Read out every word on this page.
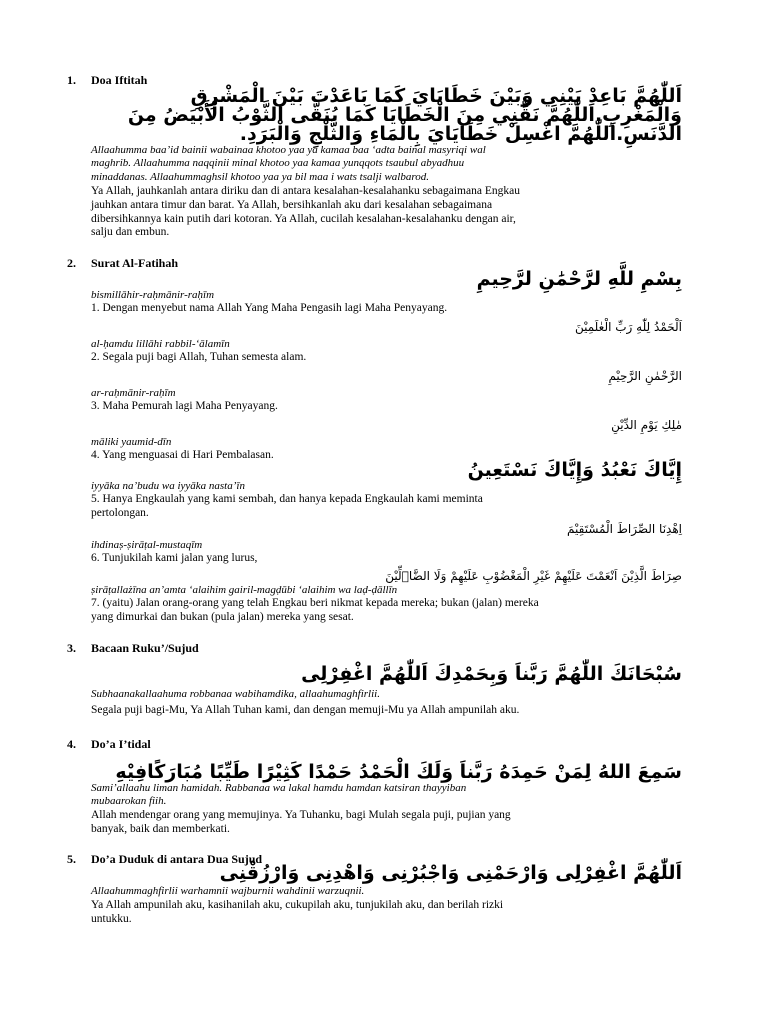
1. Doa Iftitah
اَللّٰهُمَّ بَاعِدْ بَيْنِي وَبَيْنَ خَطَايَايَ كَمَا بَاعَدْتَ بَيْنَ الْمَشْرِقِ
وَالْمَغْرِبِ.اَللّٰهُمَّ نَقِّنِي مِنَ الْخَطَايَا كَمَا يُنَقَّى الثَّوْبُ الْأَبْيَضُ مِنَ
الدَّنَسِ.اَللّٰهُمَّ اغْسِلْ خَطَايَايَ بِالْمَاءِ وَالثَّلْجِ وَالْبَرَدِ.
Allaahumma baa’id bainii wabainaa khotoo yaa ya kamaa baa ‘adta bainal masyriqi wal
maghrib. Allaahumma naqqinii minal khotoo yaa kamaa yunqqots tsaubul abyadhuu
minaddanas. Allaahummaghsil khotoo yaa ya bil maa i wats tsalji walbarod.
Ya Allah, jauhkanlah antara diriku dan di antara kesalahan-kesalahanku sebagaimana Engkau
jauhkan antara timur dan barat. Ya Allah, bersihkanlah aku dari kesalahan sebagaimana
dibersihkannya kain putih dari kotoran. Ya Allah, cucilah kesalahan-kesalahanku dengan air,
salju dan embun.
2. Surat Al-Fatihah
بِسْمِ للَّهِ لرَّحْمَٰنِ لرَّحِيمِ
bismillāhir-raḥmānir-raḥīm
1. Dengan menyebut nama Allah Yang Maha Pengasih lagi Maha Penyayang.
اَلْحَمْدُ لِلّٰهِ رَبِّ الْعٰلَمِيْنَ
al-ḥamdu lillāhi rabbil-‘ālamīn
2. Segala puji bagi Allah, Tuhan semesta alam.
الرَّحْمٰنِ الرَّحِيْمِ
ar-raḥmānir-raḥīm
3. Maha Pemurah lagi Maha Penyayang.
مٰلِكِ يَوْمِ الدِّيْنِ
māliki yaumid-dīn
4. Yang menguasai di Hari Pembalasan.
إِيَّاكَ نَعْبُدُ وَإِيَّاكَ نَسْتَعِينُ
iyyāka na’budu wa iyyāka nasta’īn
5. Hanya Engkaulah yang kami sembah, dan hanya kepada Engkaulah kami meminta
pertolongan.
اِهْدِنَا الصِّرَاطَ الْمُسْتَقِيْمَ
ihdinaṣ-ṣirāṭal-mustaqīm
6. Tunjukilah kami jalan yang lurus,
صِرَاطَ الَّذِيْنَ اَنْعَمْتَ عَلَيْهِمْ غَيْرِ الْمَغْضُوْبِ عَلَيْهِمْ وَلَا الضَّاۤلِّيْنَ
ṣirāṭallażīna an’amta ‘alaihim gairil-magḍūbi ‘alaihim wa laḍ-ḍāllīn
7. (yaitu) Jalan orang-orang yang telah Engkau beri nikmat kepada mereka; bukan (jalan) mereka
yang dimurkai dan bukan (pula jalan) mereka yang sesat.
3. Bacaan Ruku’/Sujud
سُبْحَانَكَ اللّٰهُمَّ رَبَّناَ وَبِحَمْدِكَ اَللّٰهُمَّ اغْفِرْلِى
Subhaanakallaahuma robbanaa wabihamdika, allaahumaghfirlii.
Segala puji bagi-Mu, Ya Allah Tuhan kami, dan dengan memuji-Mu ya Allah ampunilah aku.
4. Do’a I’tidal
سَمِعَ اللهُ لِمَنْ حَمِدَهُ رَبَّناَ وَلَكَ الْحَمْدُ حَمْدًا كَثِيْرًا طَيِّبًا مُبَارَكًافِيْهِ
Sami’allaahu liman hamidah. Rabbanaa wa lakal hamdu hamdan katsiran thayyiban
mubaarokan fiih.
Allah mendengar orang yang memujinya. Ya Tuhanku, bagi Mulah segala puji, pujian yang
banyak, baik dan memberkati.
5. Do’a Duduk di antara Dua Sujud
اَللّٰهُمَّ اغْفِرْلِى وَارْحَمْنِى وَاجْبُرْنِى وَاهْدِنِى وَارْزُقْنِى
Allaahummaghfirlii warhamnii wajburnii wahdinii warzuqnii.
Ya Allah ampunilah aku, kasihanilah aku, cukupilah aku, tunjukilah aku, dan berilah rizki
untukku.
